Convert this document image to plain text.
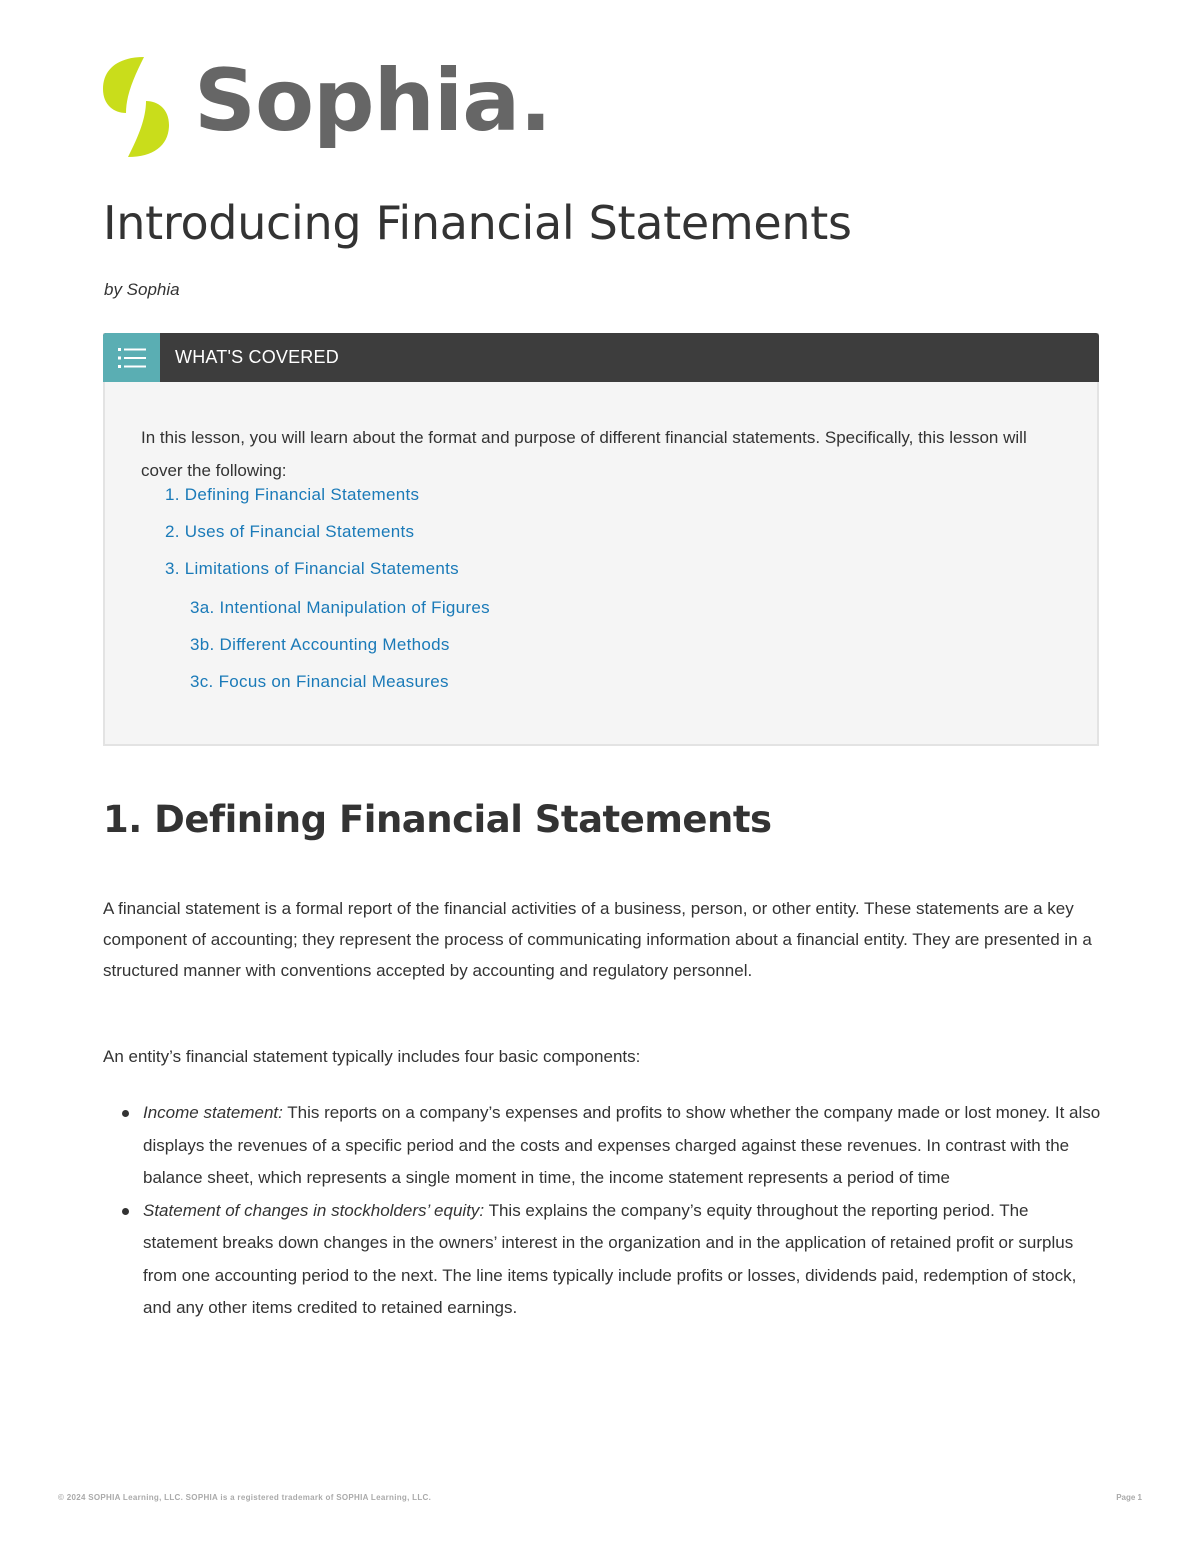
Sophia.
Introducing Financial Statements
by Sophia
WHAT'S COVERED
In this lesson, you will learn about the format and purpose of different financial statements. Specifically, this lesson will cover the following:
1. Defining Financial Statements
2. Uses of Financial Statements
3. Limitations of Financial Statements
3a. Intentional Manipulation of Figures
3b. Different Accounting Methods
3c. Focus on Financial Measures
1. Defining Financial Statements

A financial statement is a formal report of the financial activities of a business, person, or other entity. These statements are a key component of accounting; they represent the process of communicating information about a financial entity. They are presented in a structured manner with conventions accepted by accounting and regulatory personnel.

An entity’s financial statement typically includes four basic components:

Income statement: This reports on a company’s expenses and profits to show whether the company made or lost money. It also displays the revenues of a specific period and the costs and expenses charged against these revenues. In contrast with the balance sheet, which represents a single moment in time, the income statement represents a period of time
Statement of changes in stockholders’ equity: This explains the company’s equity throughout the reporting period. The statement breaks down changes in the owners’ interest in the organization and in the application of retained profit or surplus from one accounting period to the next. The line items typically include profits or losses, dividends paid, redemption of stock, and any other items credited to retained earnings.
© 2024 SOPHIA Learning, LLC. SOPHIA is a registered trademark of SOPHIA Learning, LLC.	Page 1
